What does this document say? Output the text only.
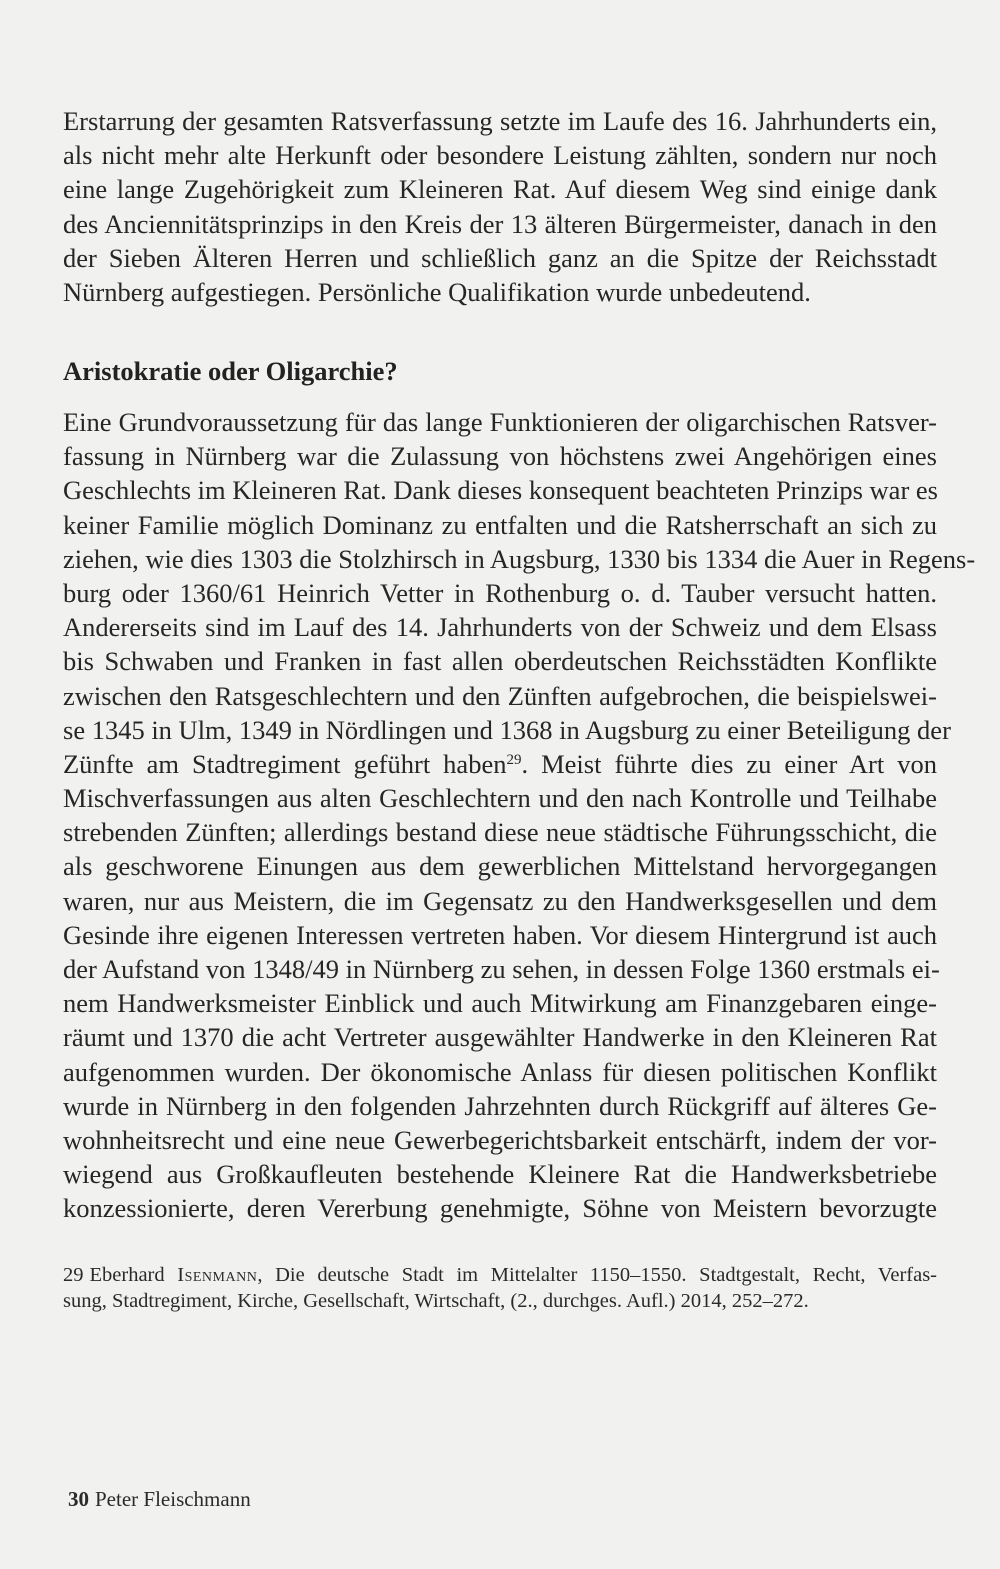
Erstarrung der gesamten Ratsverfassung setzte im Laufe des 16. Jahrhunderts ein,
als nicht mehr alte Herkunft oder besondere Leistung zählten, sondern nur noch
eine lange Zugehörigkeit zum Kleineren Rat. Auf diesem Weg sind einige dank
des Anciennitätsprinzips in den Kreis der 13 älteren Bürgermeister, danach in den
der Sieben Älteren Herren und schließlich ganz an die Spitze der Reichsstadt
Nürnberg aufgestiegen. Persönliche Qualifikation wurde unbedeutend.
Aristokratie oder Oligarchie?
Eine Grundvoraussetzung für das lange Funktionieren der oligarchischen Ratsver-
fassung in Nürnberg war die Zulassung von höchstens zwei Angehörigen eines
Geschlechts im Kleineren Rat. Dank dieses konsequent beachteten Prinzips war es
keiner Familie möglich Dominanz zu entfalten und die Ratsherrschaft an sich zu
ziehen, wie dies 1303 die Stolzhirsch in Augsburg, 1330 bis 1334 die Auer in Regens-
burg oder 1360/61 Heinrich Vetter in Rothenburg o. d. Tauber versucht hatten.
Andererseits sind im Lauf des 14. Jahrhunderts von der Schweiz und dem Elsass
bis Schwaben und Franken in fast allen oberdeutschen Reichsstädten Konflikte
zwischen den Ratsgeschlechtern und den Zünften aufgebrochen, die beispielswei-
se 1345 in Ulm, 1349 in Nördlingen und 1368 in Augsburg zu einer Beteiligung der
Zünfte am Stadtregiment geführt haben$^{29}$. Meist führte dies zu einer Art von
Mischverfassungen aus alten Geschlechtern und den nach Kontrolle und Teilhabe
strebenden Zünften; allerdings bestand diese neue städtische Führungsschicht, die
als geschworene Einungen aus dem gewerblichen Mittelstand hervorgegangen
waren, nur aus Meistern, die im Gegensatz zu den Handwerksgesellen und dem
Gesinde ihre eigenen Interessen vertreten haben. Vor diesem Hintergrund ist auch
der Aufstand von 1348/49 in Nürnberg zu sehen, in dessen Folge 1360 erstmals ei-
nem Handwerksmeister Einblick und auch Mitwirkung am Finanzgebaren einge-
räumt und 1370 die acht Vertreter ausgewählter Handwerke in den Kleineren Rat
aufgenommen wurden. Der ökonomische Anlass für diesen politischen Konflikt
wurde in Nürnberg in den folgenden Jahrzehnten durch Rückgriff auf älteres Ge-
wohnheitsrecht und eine neue Gewerbegerichtsbarkeit entschärft, indem der vor-
wiegend aus Großkaufleuten bestehende Kleinere Rat die Handwerksbetriebe
konzessionierte, deren Vererbung genehmigte, Söhne von Meistern bevorzugte
29 Eberhard Isenmann, Die deutsche Stadt im Mittelalter 1150–1550. Stadtgestalt, Recht, Verfas-
sung, Stadtregiment, Kirche, Gesellschaft, Wirtschaft, (2., durchges. Aufl.) 2014, 252–272.
30 Peter Fleischmann
